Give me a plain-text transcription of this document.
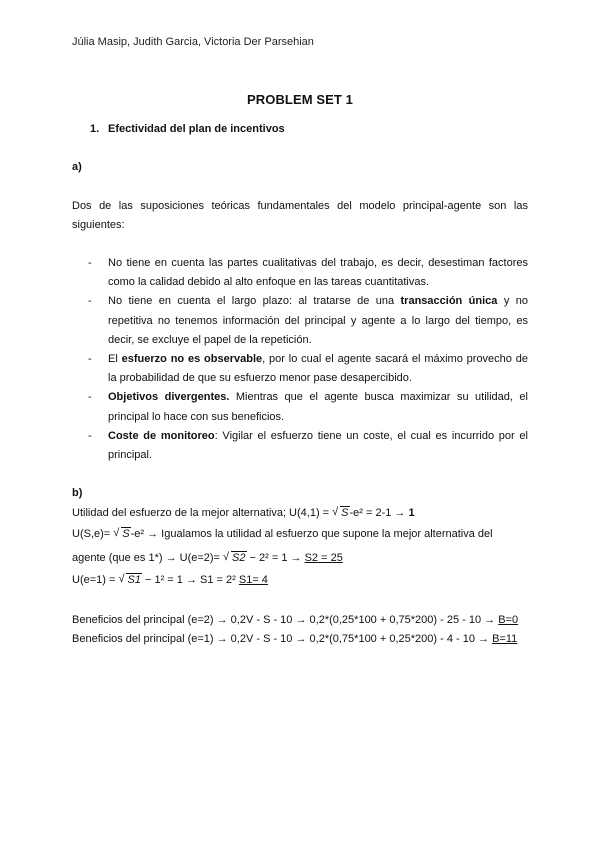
Júlia Masip, Judith Garcia, Victoria Der Parsehian
PROBLEM SET 1
1. Efectividad del plan de incentivos
a)
Dos de las suposiciones teóricas fundamentales del modelo principal-agente son las siguientes:
- No tiene en cuenta las partes cualitativas del trabajo, es decir, desestiman factores como la calidad debido al alto enfoque en las tareas cuantitativas.
- No tiene en cuenta el largo plazo: al tratarse de una transacción única y no repetitiva no tenemos información del principal y agente a lo largo del tiempo, es decir, se excluye el papel de la repetición.
- El esfuerzo no es observable, por lo cual el agente sacará el máximo provecho de la probabilidad de que su esfuerzo menor pase desapercibido.
- Objetivos divergentes. Mientras que el agente busca maximizar su utilidad, el principal lo hace con sus beneficios.
- Coste de monitoreo: Vigilar el esfuerzo tiene un coste, el cual es incurrido por el principal.
b)
Utilidad del esfuerzo de la mejor alternativa; U(4,1) = √ S-e² = 2-1 → 1
U(S,e)= √ S-e² → Igualamos la utilidad al esfuerzo que supone la mejor alternativa del
agente (que es 1*) → U(e=2)= √ S2 − 2² = 1 → S2 = 25
U(e=1) = √ S1 − 1² = 1 → S1 = 2² S1= 4
Beneficios del principal (e=2) → 0,2V - S - 10 → 0,2*(0,25*100 + 0,75*200) - 25 - 10 → B=0
Beneficios del principal (e=1) → 0,2V - S - 10 → 0,2*(0,75*100 + 0,25*200) - 4 - 10 → B=11
